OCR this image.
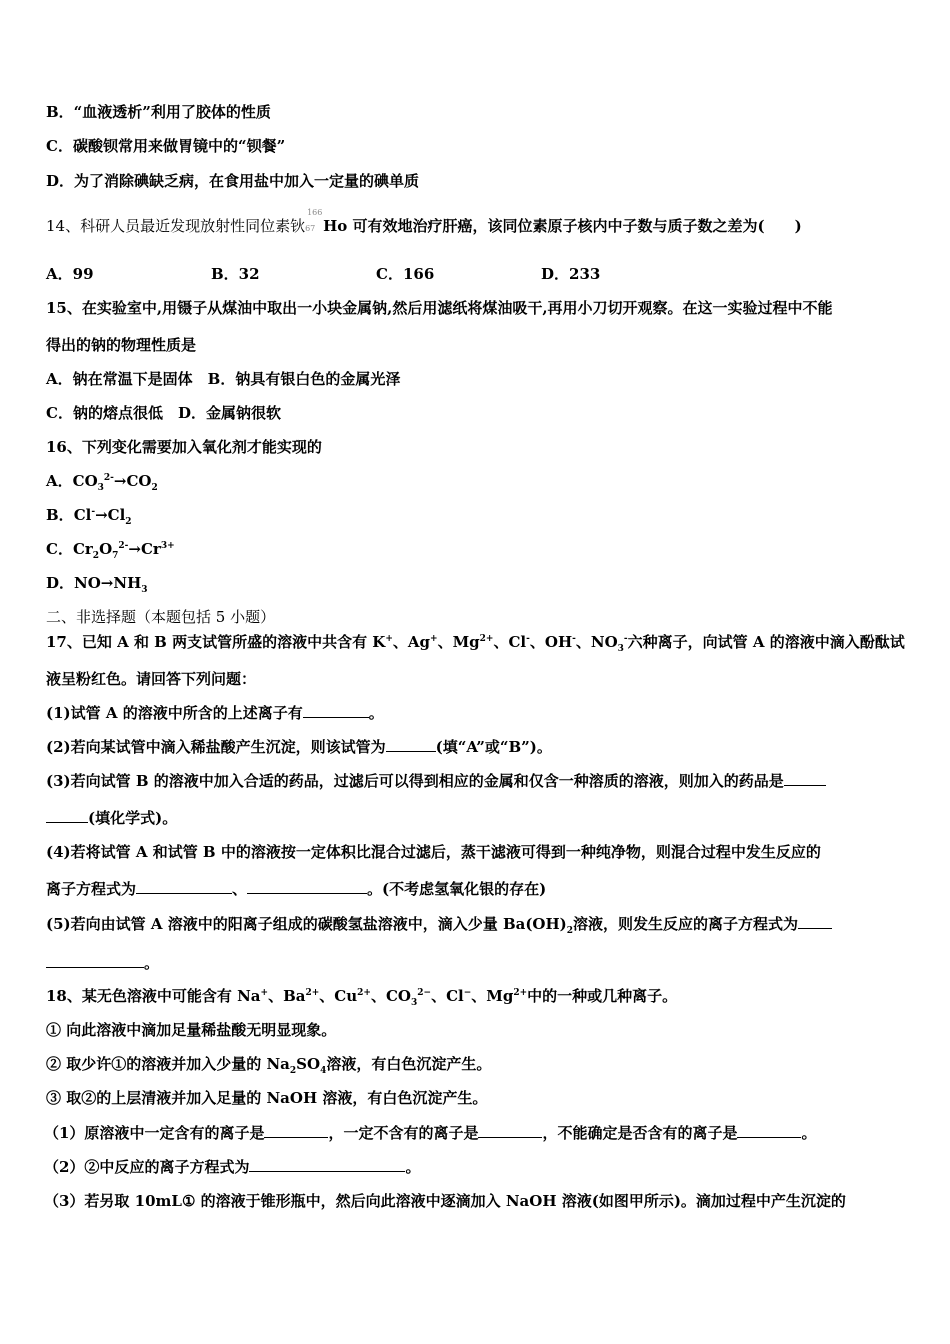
B．“血液透析”利用了胶体的性质
C．碳酸钡常用来做胃镜中的“钡餐”
D．为了消除碘缺乏病，在食用盐中加入一定量的碘单质
14、科研人员最近发现放射性同位素钬
166
67 Ho 可有效地治疗肝癌，该同位素原子核内中子数与质子数之差为( )
A．99	B．32	C．166	D．233
15、在实验室中,用镊子从煤油中取出一小块金属钠,然后用滤纸将煤油吸干,再用小刀切开观察。在这一实验过程中不能
得出的钠的物理性质是
A．钠在常温下是固体　B．钠具有银白色的金属光泽
C．钠的熔点很低　D．金属钠很软
16、下列变化需要加入氧化剂才能实现的
A．$CO_3^{2-}\to CO_2$
B．$Cl^-\to Cl_2$
C．$Cr_2O_7^{2-}\to Cr^{3+}$
D．$NO\to NH_3$
二、非选择题（本题包括 5 小题）
17、已知 A 和 B 两支试管所盛的溶液中共含有 K+、Ag+、$Mg^{2+}$、Cl-、OH-、$NO_3^-$六种离子，向试管 A 的溶液中滴入酚酞试
液呈粉红色。请回答下列问题：
(1)试管 A 的溶液中所含的上述离子有	。
(2)若向某试管中滴入稀盐酸产生沉淀，则该试管为	(填“A”或“B”)。
(3)若向试管 B 的溶液中加入合适的药品，过滤后可以得到相应的金属和仅含一种溶质的溶液，则加入的药品是
(填化学式)。
(4)若将试管 A 和试管 B 中的溶液按一定体积比混合过滤后，蒸干滤液可得到一种纯净物，则混合过程中发生反应的
离子方程式为	、	。(不考虑氢氧化银的存在)
(5)若向由试管 A 溶液中的阳离子组成的碳酸氢盐溶液中，滴入少量 $Ba(OH)_2$溶液，则发生反应的离子方程式为
。
18、某无色溶液中可能含有 Na+、$Ba^{2+}$、$Cu^{2+}$、$CO_3^{2-}$、Cl−、$Mg^{2+}$中的一种或几种离子。
① 向此溶液中滴加足量稀盐酸无明显现象。
② 取少许①的溶液并加入少量的 $Na_2SO_4$溶液，有白色沉淀产生。
③ 取②的上层清液并加入足量的 NaOH 溶液，有白色沉淀产生。
（1）原溶液中一定含有的离子是	，一定不含有的离子是	，不能确定是否含有的离子是	。
（2）②中反应的离子方程式为	。
（3）若另取 10mL① 的溶液于锥形瓶中，然后向此溶液中逐滴加入 NaOH 溶液(如图甲所示)。滴加过程中产生沉淀的
